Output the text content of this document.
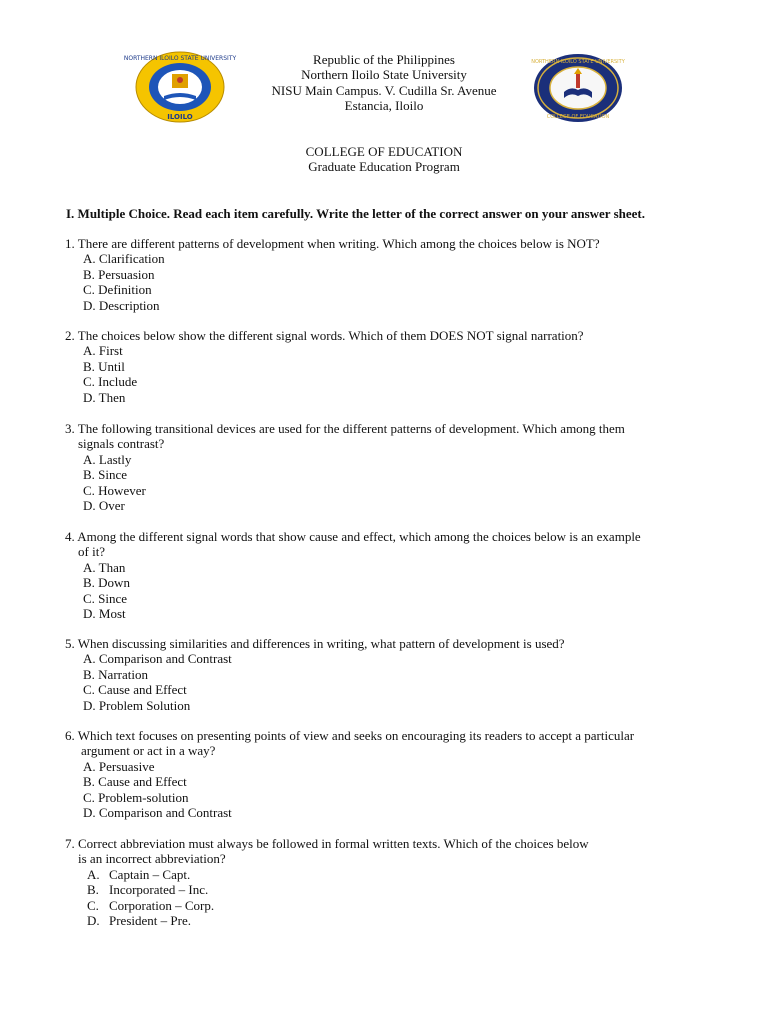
NORTHERN ILOILO STATE UNIVERSITY
ILOILO
NORTHERN ILOILO STATE UNIVERSITY
COLLEGE OF EDUCATION
Republic of the Philippines
Northern Iloilo State University
NISU Main Campus. V. Cudilla Sr. Avenue
Estancia, Iloilo
COLLEGE OF EDUCATION
Graduate Education Program
I. Multiple Choice. Read each item carefully. Write the letter of the correct answer on your answer sheet.
1. There are different patterns of development when writing. Which among the choices below is NOT?
A. Clarification
B. Persuasion
C. Definition
D. Description
2. The choices below show the different signal words. Which of them DOES NOT signal narration?
A. First
B. Until
C. Include
D. Then
3. The following transitional devices are used for the different patterns of development. Which among them
signals contrast?
A. Lastly
B. Since
C. However
D. Over
4. Among the different signal words that show cause and effect, which among the choices below is an example
of it?
A. Than
B. Down
C. Since
D. Most
5. When discussing similarities and differences in writing, what pattern of development is used?
A. Comparison and Contrast
B. Narration
C. Cause and Effect
D. Problem Solution
6. Which text focuses on presenting points of view and seeks on encouraging its readers to accept a particular
argument or act in a way?
A. Persuasive
B. Cause and Effect
C. Problem-solution
D. Comparison and Contrast
7. Correct abbreviation must always be followed in formal written texts. Which of the choices below
is an incorrect abbreviation?
A. Captain – Capt.
B. Incorporated – Inc.
C. Corporation – Corp.
D. President – Pre.
